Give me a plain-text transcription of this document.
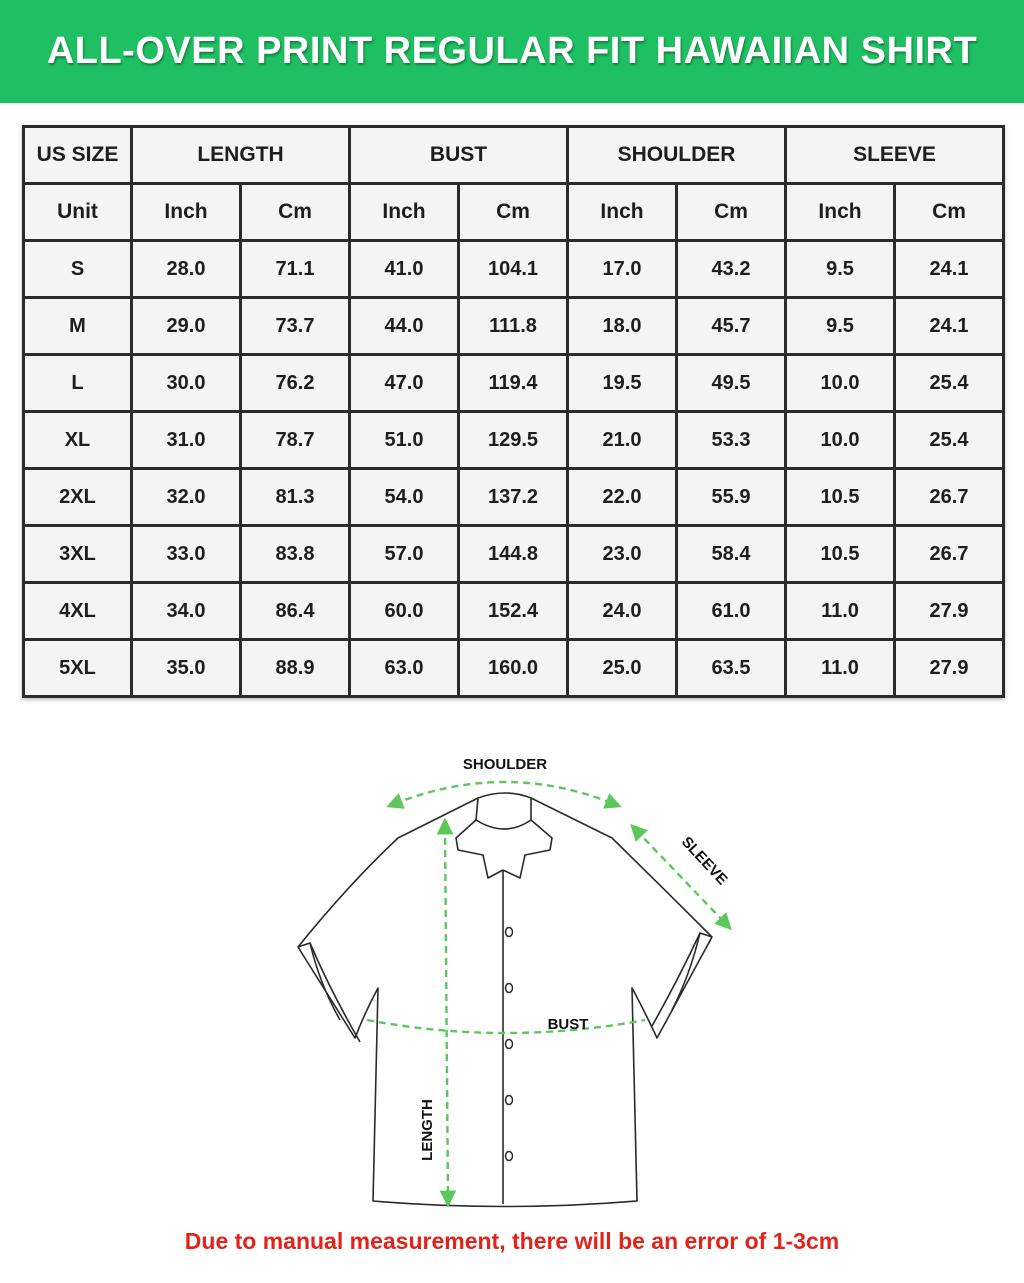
ALL-OVER PRINT REGULAR FIT HAWAIIAN SHIRT
US SIZE	LENGTH		BUST		SHOULDER		SLEEVE	
Unit	Inch	Cm	Inch	Cm	Inch	Cm	Inch	Cm
S	28.0	71.1	41.0	104.1	17.0	43.2	9.5	24.1
M	29.0	73.7	44.0	111.8	18.0	45.7	9.5	24.1
L	30.0	76.2	47.0	119.4	19.5	49.5	10.0	25.4
XL	31.0	78.7	51.0	129.5	21.0	53.3	10.0	25.4
2XL	32.0	81.3	54.0	137.2	22.0	55.9	10.5	26.7
3XL	33.0	83.8	57.0	144.8	23.0	58.4	10.5	26.7
4XL	34.0	86.4	60.0	152.4	24.0	61.0	11.0	27.9
5XL	35.0	88.9	63.0	160.0	25.0	63.5	11.0	27.9
SHOULDER
SLEEVE
BUST
LENGTH
Due to manual measurement, there will be an error of 1-3cm
